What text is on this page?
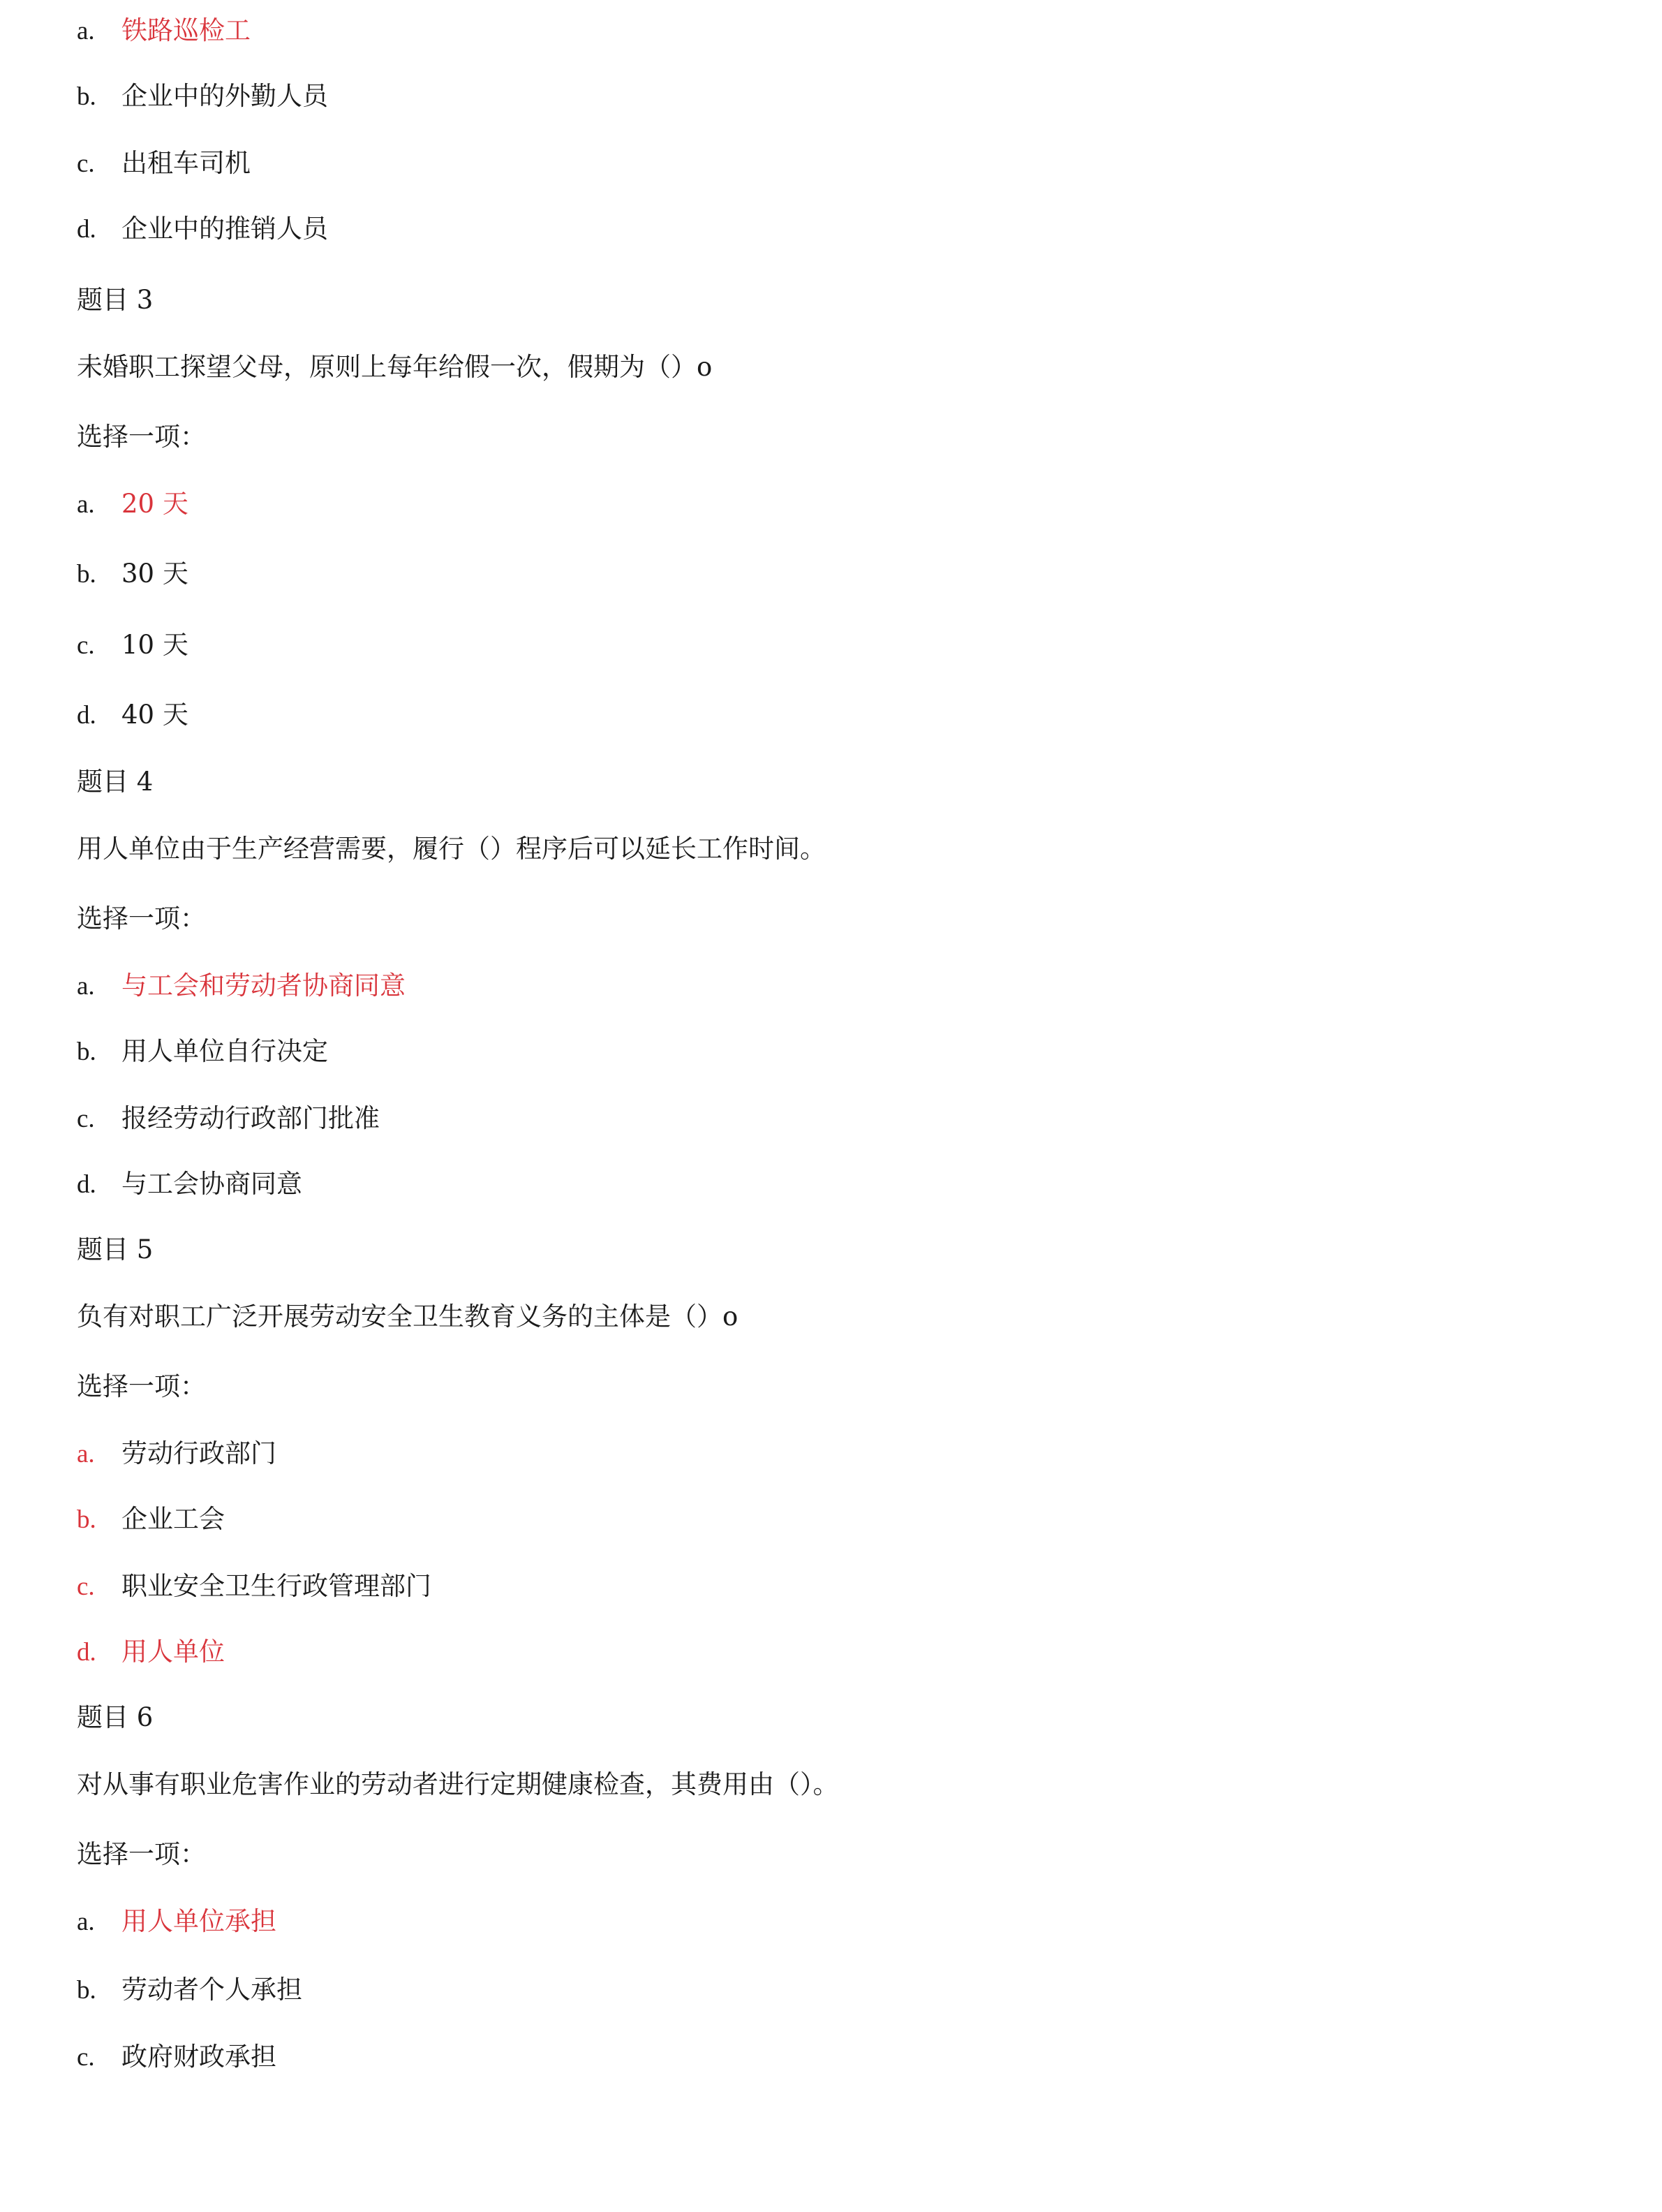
a. 铁路巡检工
b. 企业中的外勤人员
c. 出租车司机
d. 企业中的推销人员
题目 3
未婚职工探望父母，原则上每年给假一次，假期为（）o
选择一项：
a. 20 天
b. 30 天
c. 10 天
d. 40 天
题目 4
用人单位由于生产经营需要，履行（）程序后可以延长工作时间。
选择一项：
a. 与工会和劳动者协商同意
b. 用人单位自行决定
c. 报经劳动行政部门批准
d. 与工会协商同意
题目 5
负有对职工广泛开展劳动安全卫生教育义务的主体是（）o
选择一项：
a. 劳动行政部门
b. 企业工会
c. 职业安全卫生行政管理部门
d. 用人单位
题目 6
对从事有职业危害作业的劳动者进行定期健康检查，其费用由（）。
选择一项：
a. 用人单位承担
b. 劳动者个人承担
c. 政府财政承担
